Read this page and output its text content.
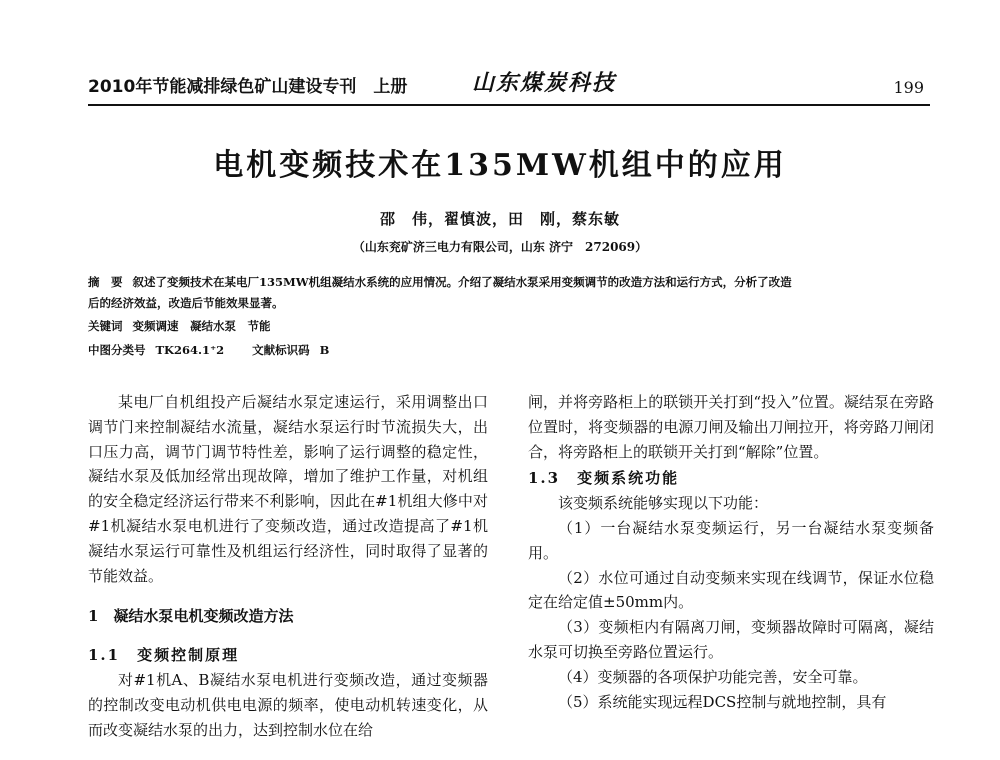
2010年节能减排绿色矿山建设专刊　上册	山东煤炭科技	199
电机变频技术在135MW机组中的应用
邵　伟，翟慎波，田　刚，蔡东敏
（山东兖矿济三电力有限公司，山东 济宁　272069）
摘　要 叙述了变频技术在某电厂135MW机组凝结水系统的应用情况。介绍了凝结水泵采用变频调节的改造方法和运行方式，分析了改造
后的经济效益，改造后节能效果显著。
关键词 变频调速　凝结水泵　节能
中图分类号 TK264.1⁺2 文献标识码 B

某电厂自机组投产后凝结水泵定速运行，采用调整出口调节门来控制凝结水流量，凝结水泵运行时节流损失大，出口压力高，调节门调节特性差，影响了运行调整的稳定性，凝结水泵及低加经常出现故障，增加了维护工作量，对机组的安全稳定经济运行带来不利影响，因此在#1机组大修中对#1机凝结水泵电机进行了变频改造，通过改造提高了#1机凝结水泵运行可靠性及机组运行经济性，同时取得了显著的节能效益。

1　凝结水泵电机变频改造方法

1.1　变频控制原理

对#1机A、B凝结水泵电机进行变频改造，通过变频器的控制改变电动机供电电源的频率，使电动机转速变化，从而改变凝结水泵的出力，达到控制水位在给

闸，并将旁路柜上的联锁开关打到“投入”位置。凝结泵在旁路位置时，将变频器的电源刀闸及输出刀闸拉开，将旁路刀闸闭合，将旁路柜上的联锁开关打到“解除”位置。

1.3　变频系统功能

该变频系统能够实现以下功能：

（1）一台凝结水泵变频运行，另一台凝结水泵变频备用。

（2）水位可通过自动变频来实现在线调节，保证水位稳定在给定值±50mm内。

（3）变频柜内有隔离刀闸，变频器故障时可隔离，凝结水泵可切换至旁路位置运行。

（4）变频器的各项保护功能完善，安全可靠。

（5）系统能实现远程DCS控制与就地控制，具有
